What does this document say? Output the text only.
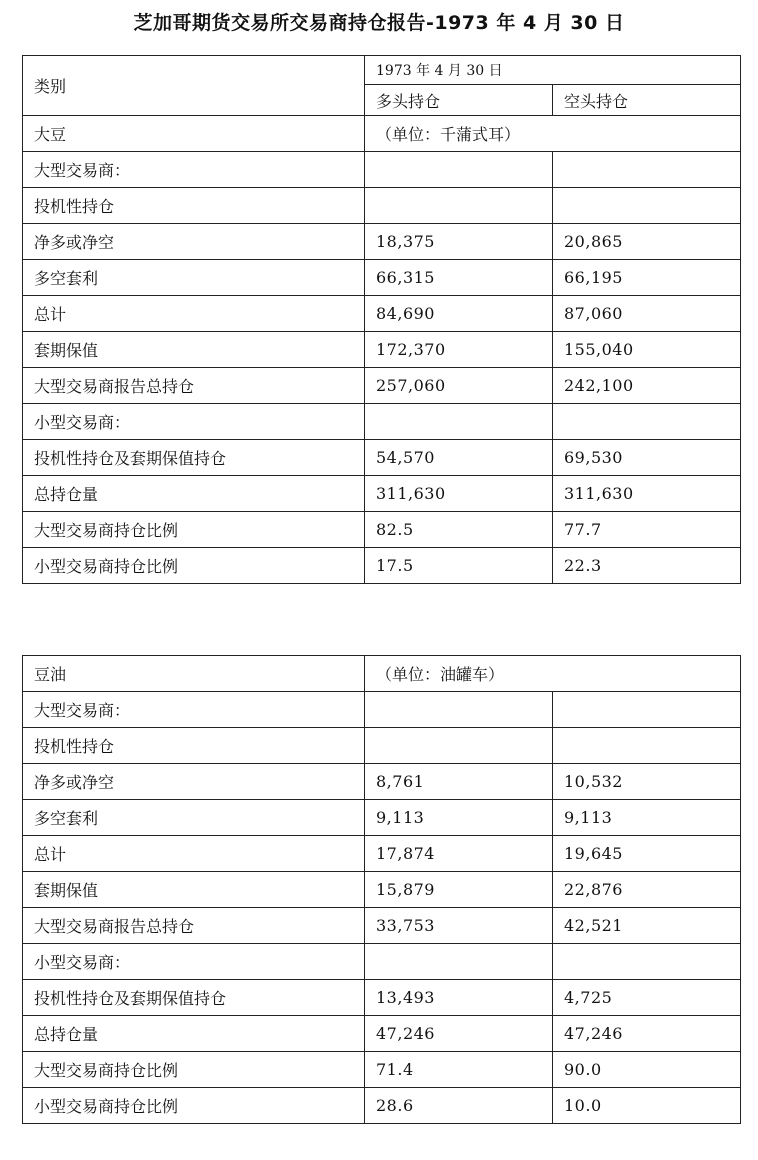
芝加哥期货交易所交易商持仓报告-1973 年 4 月 30 日
类别	1973 年 4 月 30 日	
	多头持仓	空头持仓
大豆	（单位：千蒲式耳）	
大型交易商：		
投机性持仓		
净多或净空	18,375	20,865
多空套利	66,315	66,195
总计	84,690	87,060
套期保值	172,370	155,040
大型交易商报告总持仓	257,060	242,100
小型交易商：		
投机性持仓及套期保值持仓	54,570	69,530
总持仓量	311,630	311,630
大型交易商持仓比例	82.5	77.7
小型交易商持仓比例	17.5	22.3
豆油	（单位：油罐车）	
大型交易商：		
投机性持仓		
净多或净空	8,761	10,532
多空套利	9,113	9,113
总计	17,874	19,645
套期保值	15,879	22,876
大型交易商报告总持仓	33,753	42,521
小型交易商：		
投机性持仓及套期保值持仓	13,493	4,725
总持仓量	47,246	47,246
大型交易商持仓比例	71.4	90.0
小型交易商持仓比例	28.6	10.0
